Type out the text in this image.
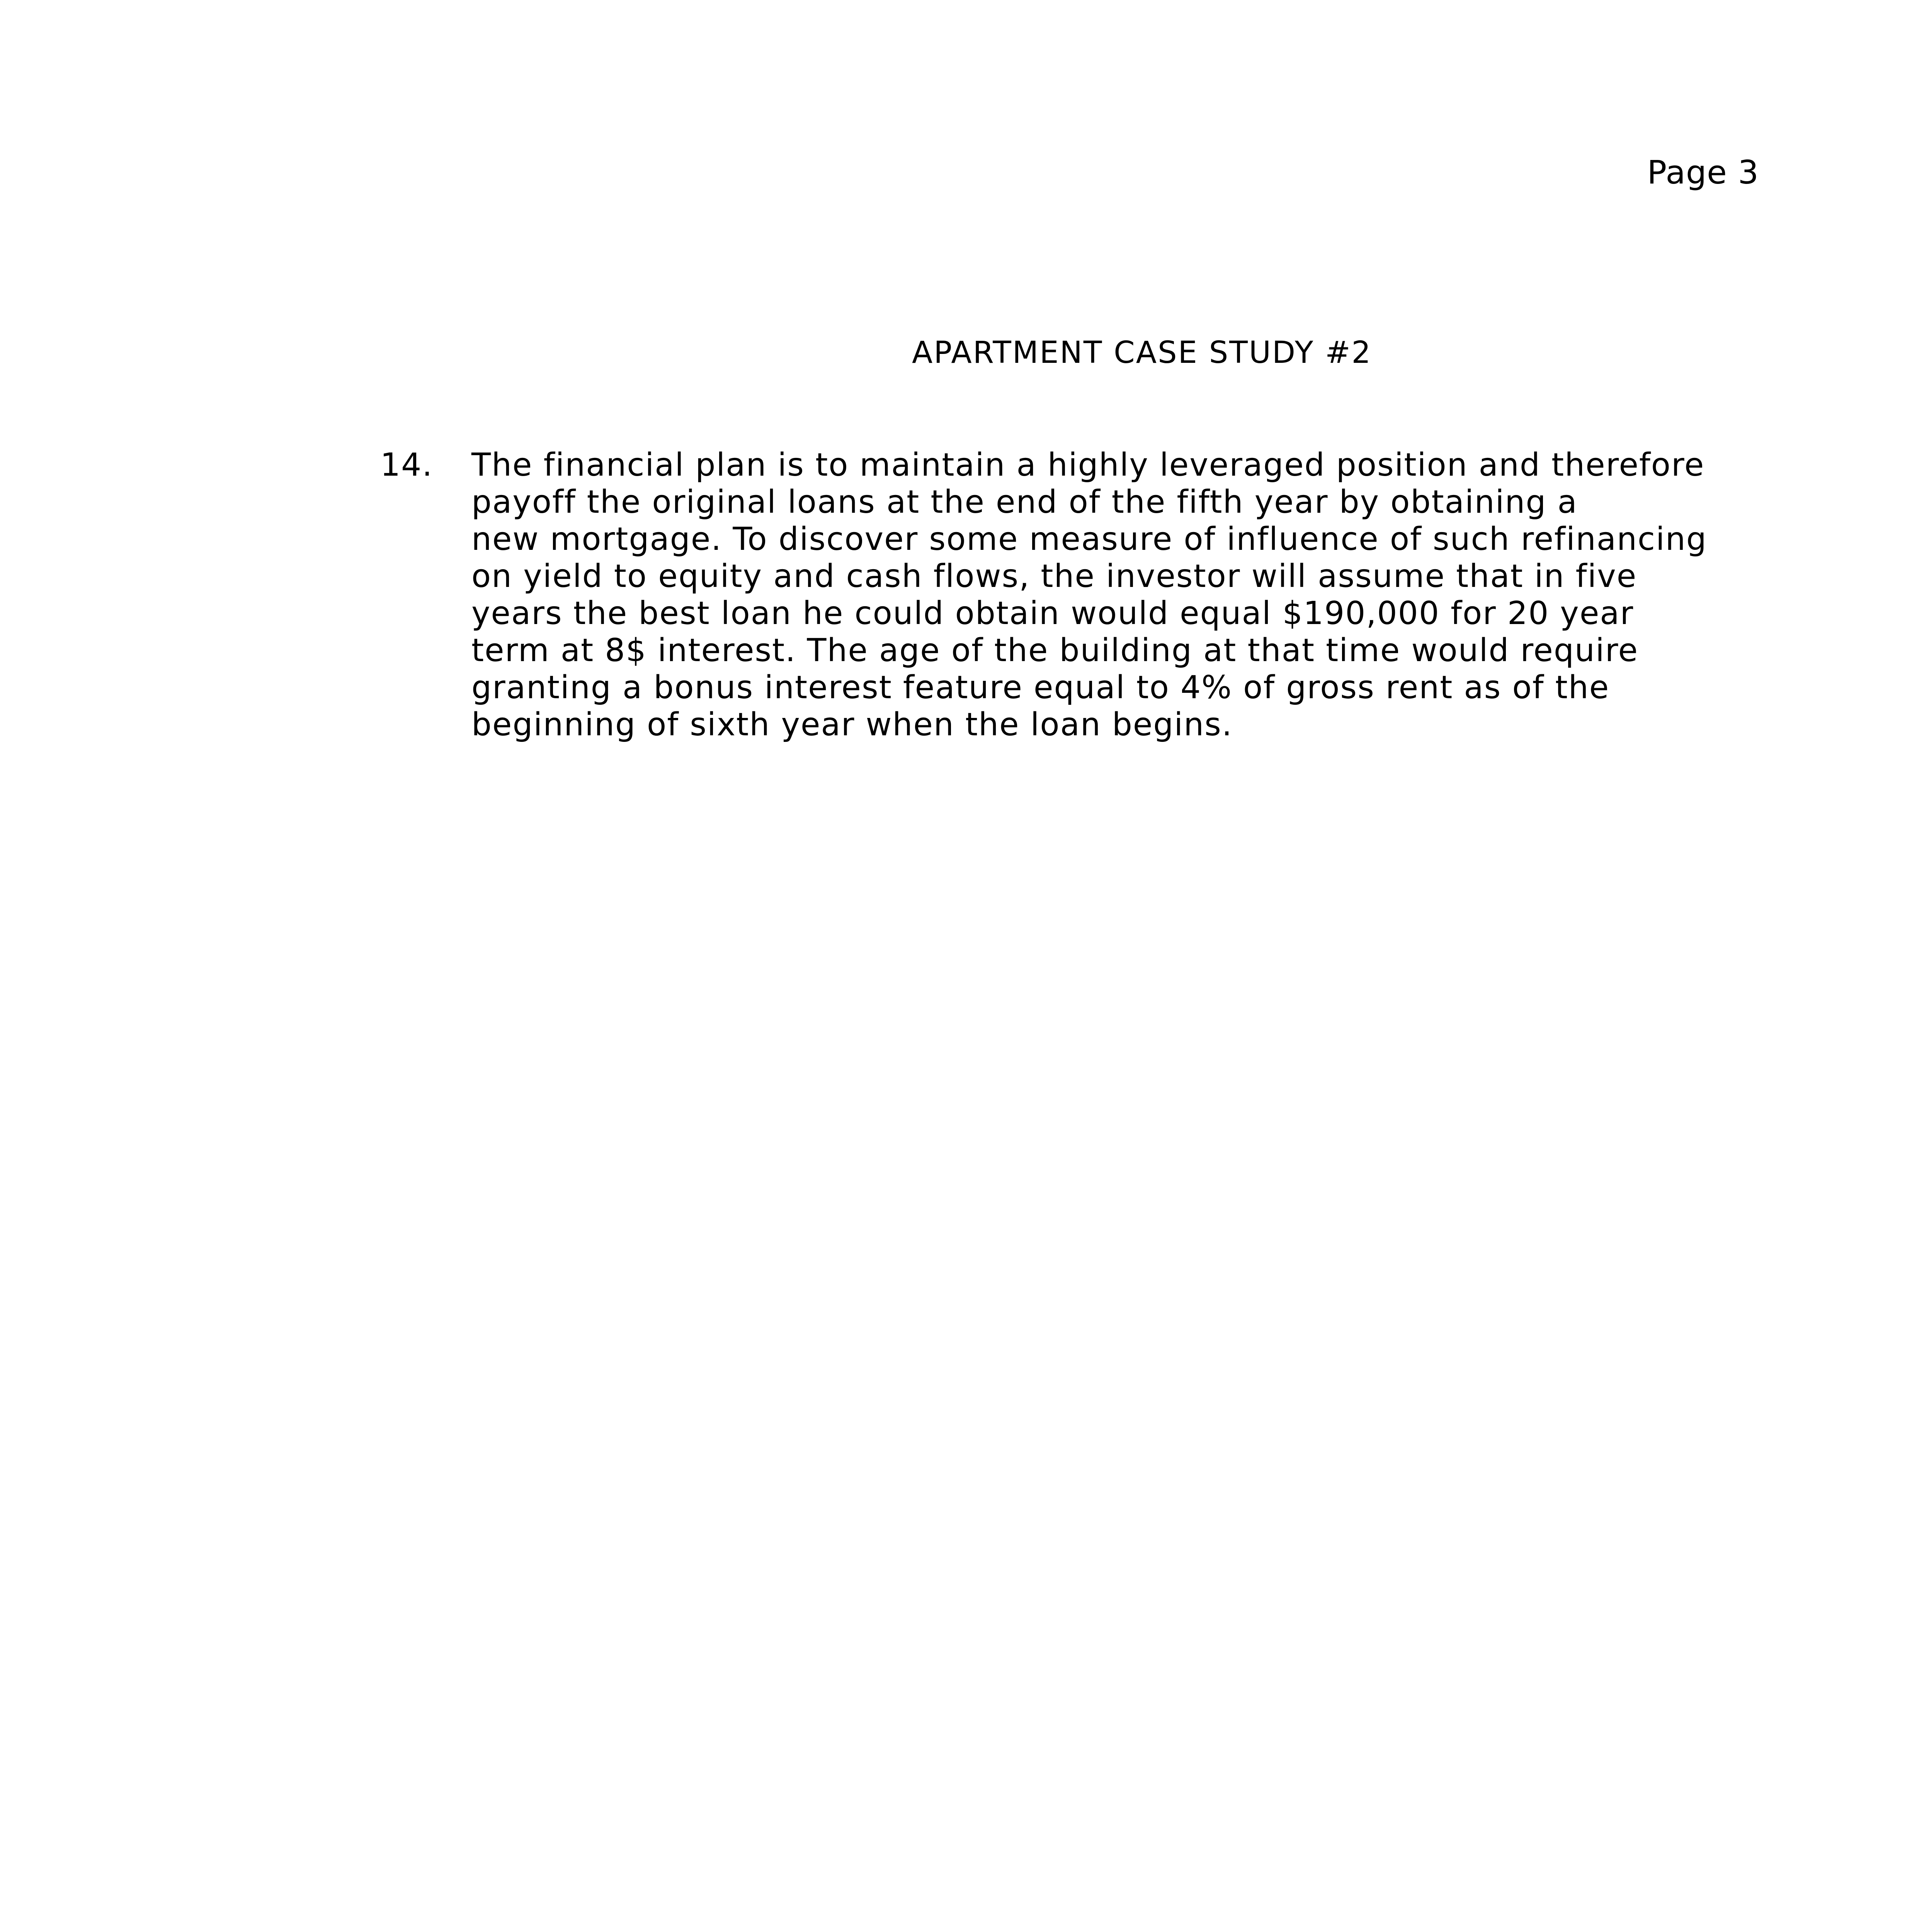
Page 3
APARTMENT CASE STUDY #2
14. The financial plan is to maintain a highly leveraged position and therefore
payoff the original loans at the end of the fifth year by obtaining a
new mortgage. To discover some measure of influence of such refinancing
on yield to equity and cash flows, the investor will assume that in five
years the best loan he could obtain would equal $190,000 for 20 year
term at 8$ interest. The age of the building at that time would require
granting a bonus interest feature equal to 4% of gross rent as of the
beginning of sixth year when the loan begins.
